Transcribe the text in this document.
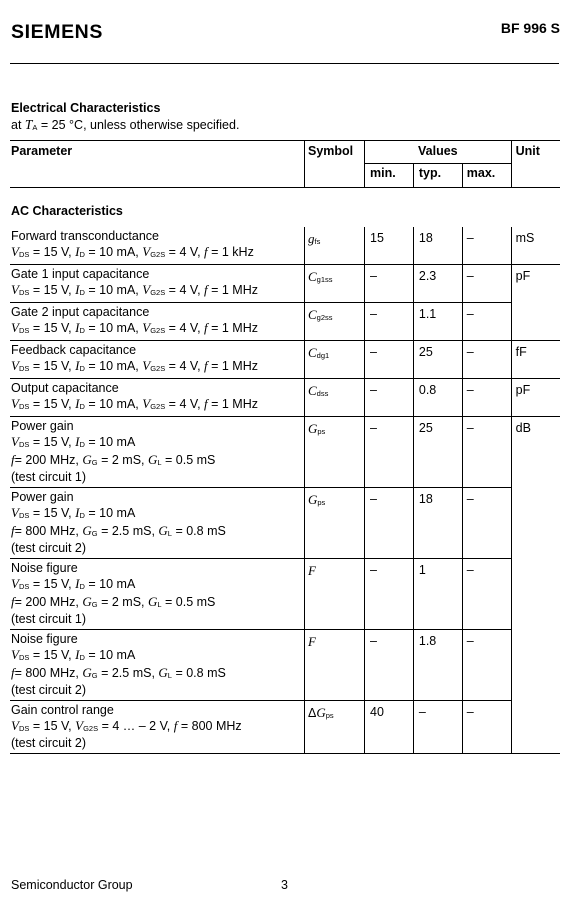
SIEMENS	BF 996 S
Electrical Characteristics
at $T_A = 25$ °C, unless otherwise specified.
Parameter	Symbol	Values			Unit
		min.	typ.	max.	
AC Characteristics					

Forward transconductance
$V_{DS} = 15$ V, $I_D = 10$ mA, $V_{G2S} = 4$ V, f = 1 kHz	$g_{fs}$	15	18	–	mS

Gate 1 input capacitance
$V_{DS} = 15$ V, $I_D = 10$ mA, $V_{G2S} = 4$ V, f = 1 MHz	$C_{g1ss}$	–	2.3	–	pF

Gate 2 input capacitance
$V_{DS} = 15$ V, $I_D = 10$ mA, $V_{G2S} = 4$ V, f = 1 MHz	$C_{g2ss}$	–	1.1	–	

Feedback capacitance
$V_{DS} = 15$ V, $I_D = 10$ mA, $V_{G2S} = 4$ V, f = 1 MHz	$C_{dg1}$	–	25	–	fF

Output capacitance
$V_{DS} = 15$ V, $I_D = 10$ mA, $V_{G2S} = 4$ V, f = 1 MHz	$C_{dss}$	–	0.8	–	pF

Power gain
$V_{DS} = 15$ V, $I_D = 10$ mA
f= 200 MHz, $G_G = 2$ mS, $G_L = 0.5$ mS
(test circuit 1)	$G_{ps}$	–	25	–	dB

Power gain
$V_{DS} = 15$ V, $I_D = 10$ mA
f= 800 MHz, $G_G = 2.5$ mS, $G_L = 0.8$ mS
(test circuit 2)	$G_{ps}$	–	18	–	

Noise figure
$V_{DS} = 15$ V, $I_D = 10$ mA
f= 200 MHz, $G_G = 2$ mS, $G_L = 0.5$ mS
(test circuit 1)	F	–	1	–	

Noise figure
$V_{DS} = 15$ V, $I_D = 10$ mA
f= 800 MHz, $G_G = 2.5$ mS, $G_L = 0.8$ mS
(test circuit 2)	F	–	1.8	–	

Gain control range
$V_{DS} = 15$ V, $V_{G2S} = 4$ … – 2 V, f = 800 MHz
(test circuit 2)	$\Delta G_{ps}$	40	–	–	
Semiconductor Group	3
